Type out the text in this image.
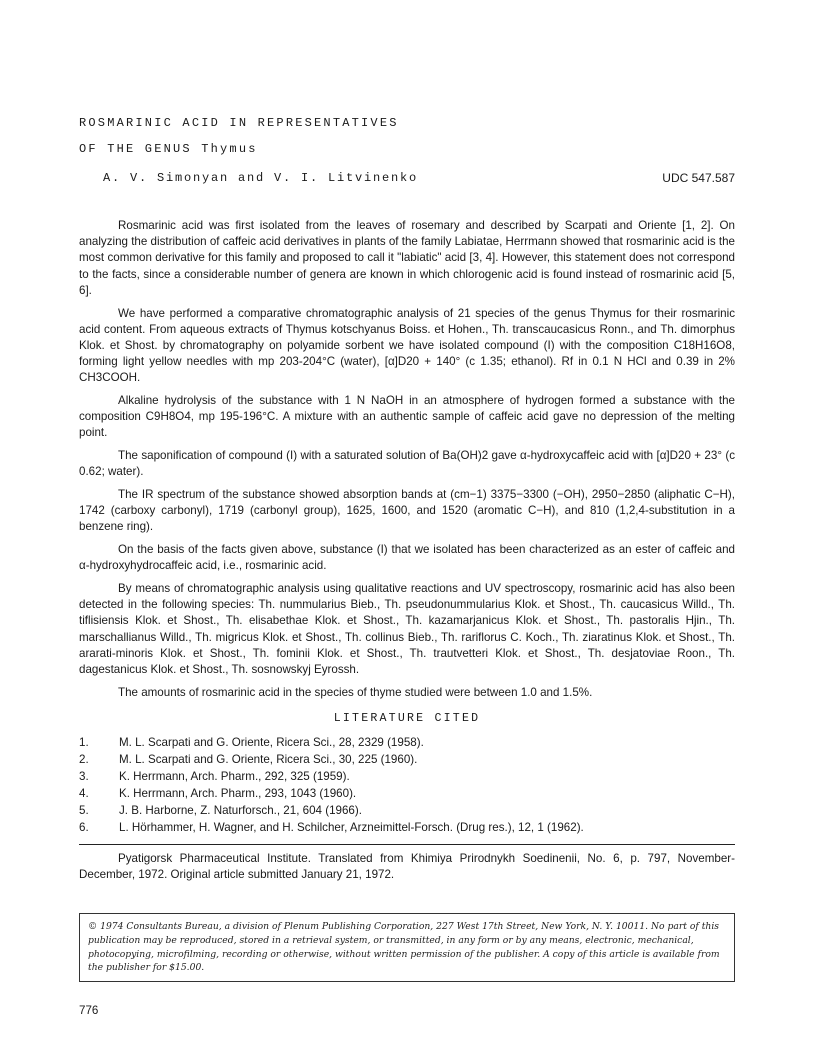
ROSMARINIC ACID IN REPRESENTATIVES
OF THE GENUS Thymus
A. V. Simonyan and V. I. Litvinenko	UDC 547.587

Rosmarinic acid was first isolated from the leaves of rosemary and described by Scarpati and Oriente [1, 2]. On analyzing the distribution of caffeic acid derivatives in plants of the family Labiatae, Herrmann showed that rosmarinic acid is the most common derivative for this family and proposed to call it "labiatic" acid [3, 4]. However, this statement does not correspond to the facts, since a considerable number of genera are known in which chlorogenic acid is found instead of rosmarinic acid [5, 6].

We have performed a comparative chromatographic analysis of 21 species of the genus Thymus for their rosmarinic acid content. From aqueous extracts of Thymus kotschyanus Boiss. et Hohen., Th. transcaucasicus Ronn., and Th. dimorphus Klok. et Shost. by chromatography on polyamide sorbent we have isolated compound (I) with the composition C18H16O8, forming light yellow needles with mp 203-204°C (water), [α]D20 + 140° (c 1.35; ethanol). Rf in 0.1 N HCl and 0.39 in 2% CH3COOH.

Alkaline hydrolysis of the substance with 1 N NaOH in an atmosphere of hydrogen formed a substance with the composition C9H8O4, mp 195-196°C. A mixture with an authentic sample of caffeic acid gave no depression of the melting point.

The saponification of compound (I) with a saturated solution of Ba(OH)2 gave α-hydroxycaffeic acid with [α]D20 + 23° (c 0.62; water).

The IR spectrum of the substance showed absorption bands at (cm−1) 3375−3300 (−OH), 2950−2850 (aliphatic C−H), 1742 (carboxy carbonyl), 1719 (carbonyl group), 1625, 1600, and 1520 (aromatic C−H), and 810 (1,2,4-substitution in a benzene ring).

On the basis of the facts given above, substance (I) that we isolated has been characterized as an ester of caffeic and α-hydroxyhydrocaffeic acid, i.e., rosmarinic acid.

By means of chromatographic analysis using qualitative reactions and UV spectroscopy, rosmarinic acid has also been detected in the following species: Th. nummularius Bieb., Th. pseudonummularius Klok. et Shost., Th. caucasicus Willd., Th. tiflisiensis Klok. et Shost., Th. elisabethae Klok. et Shost., Th. kazamarjanicus Klok. et Shost., Th. pastoralis Hjin., Th. marschallianus Willd., Th. migricus Klok. et Shost., Th. collinus Bieb., Th. rariflorus C. Koch., Th. ziaratinus Klok. et Shost., Th. ararati-minoris Klok. et Shost., Th. fominii Klok. et Shost., Th. trautvetteri Klok. et Shost., Th. desjatoviae Roon., Th. dagestanicus Klok. et Shost., Th. sosnowskyj Eyrossh.

The amounts of rosmarinic acid in the species of thyme studied were between 1.0 and 1.5%.

LITERATURE CITED
1.	M. L. Scarpati and G. Oriente, Ricera Sci., 28, 2329 (1958).
2.	M. L. Scarpati and G. Oriente, Ricera Sci., 30, 225 (1960).
3.	K. Herrmann, Arch. Pharm., 292, 325 (1959).
4.	K. Herrmann, Arch. Pharm., 293, 1043 (1960).
5.	J. B. Harborne, Z. Naturforsch., 21, 604 (1966).
6.	L. Hörhammer, H. Wagner, and H. Schilcher, Arzneimittel-Forsch. (Drug res.), 12, 1 (1962).

Pyatigorsk Pharmaceutical Institute. Translated from Khimiya Prirodnykh Soedinenii, No. 6, p. 797, November-December, 1972. Original article submitted January 21, 1972.

© 1974 Consultants Bureau, a division of Plenum Publishing Corporation, 227 West 17th Street, New York, N. Y. 10011. No part of this publication may be reproduced, stored in a retrieval system, or transmitted, in any form or by any means, electronic, mechanical, photocopying, microfilming, recording or otherwise, without written permission of the publisher. A copy of this article is available from the publisher for $15.00.
776
